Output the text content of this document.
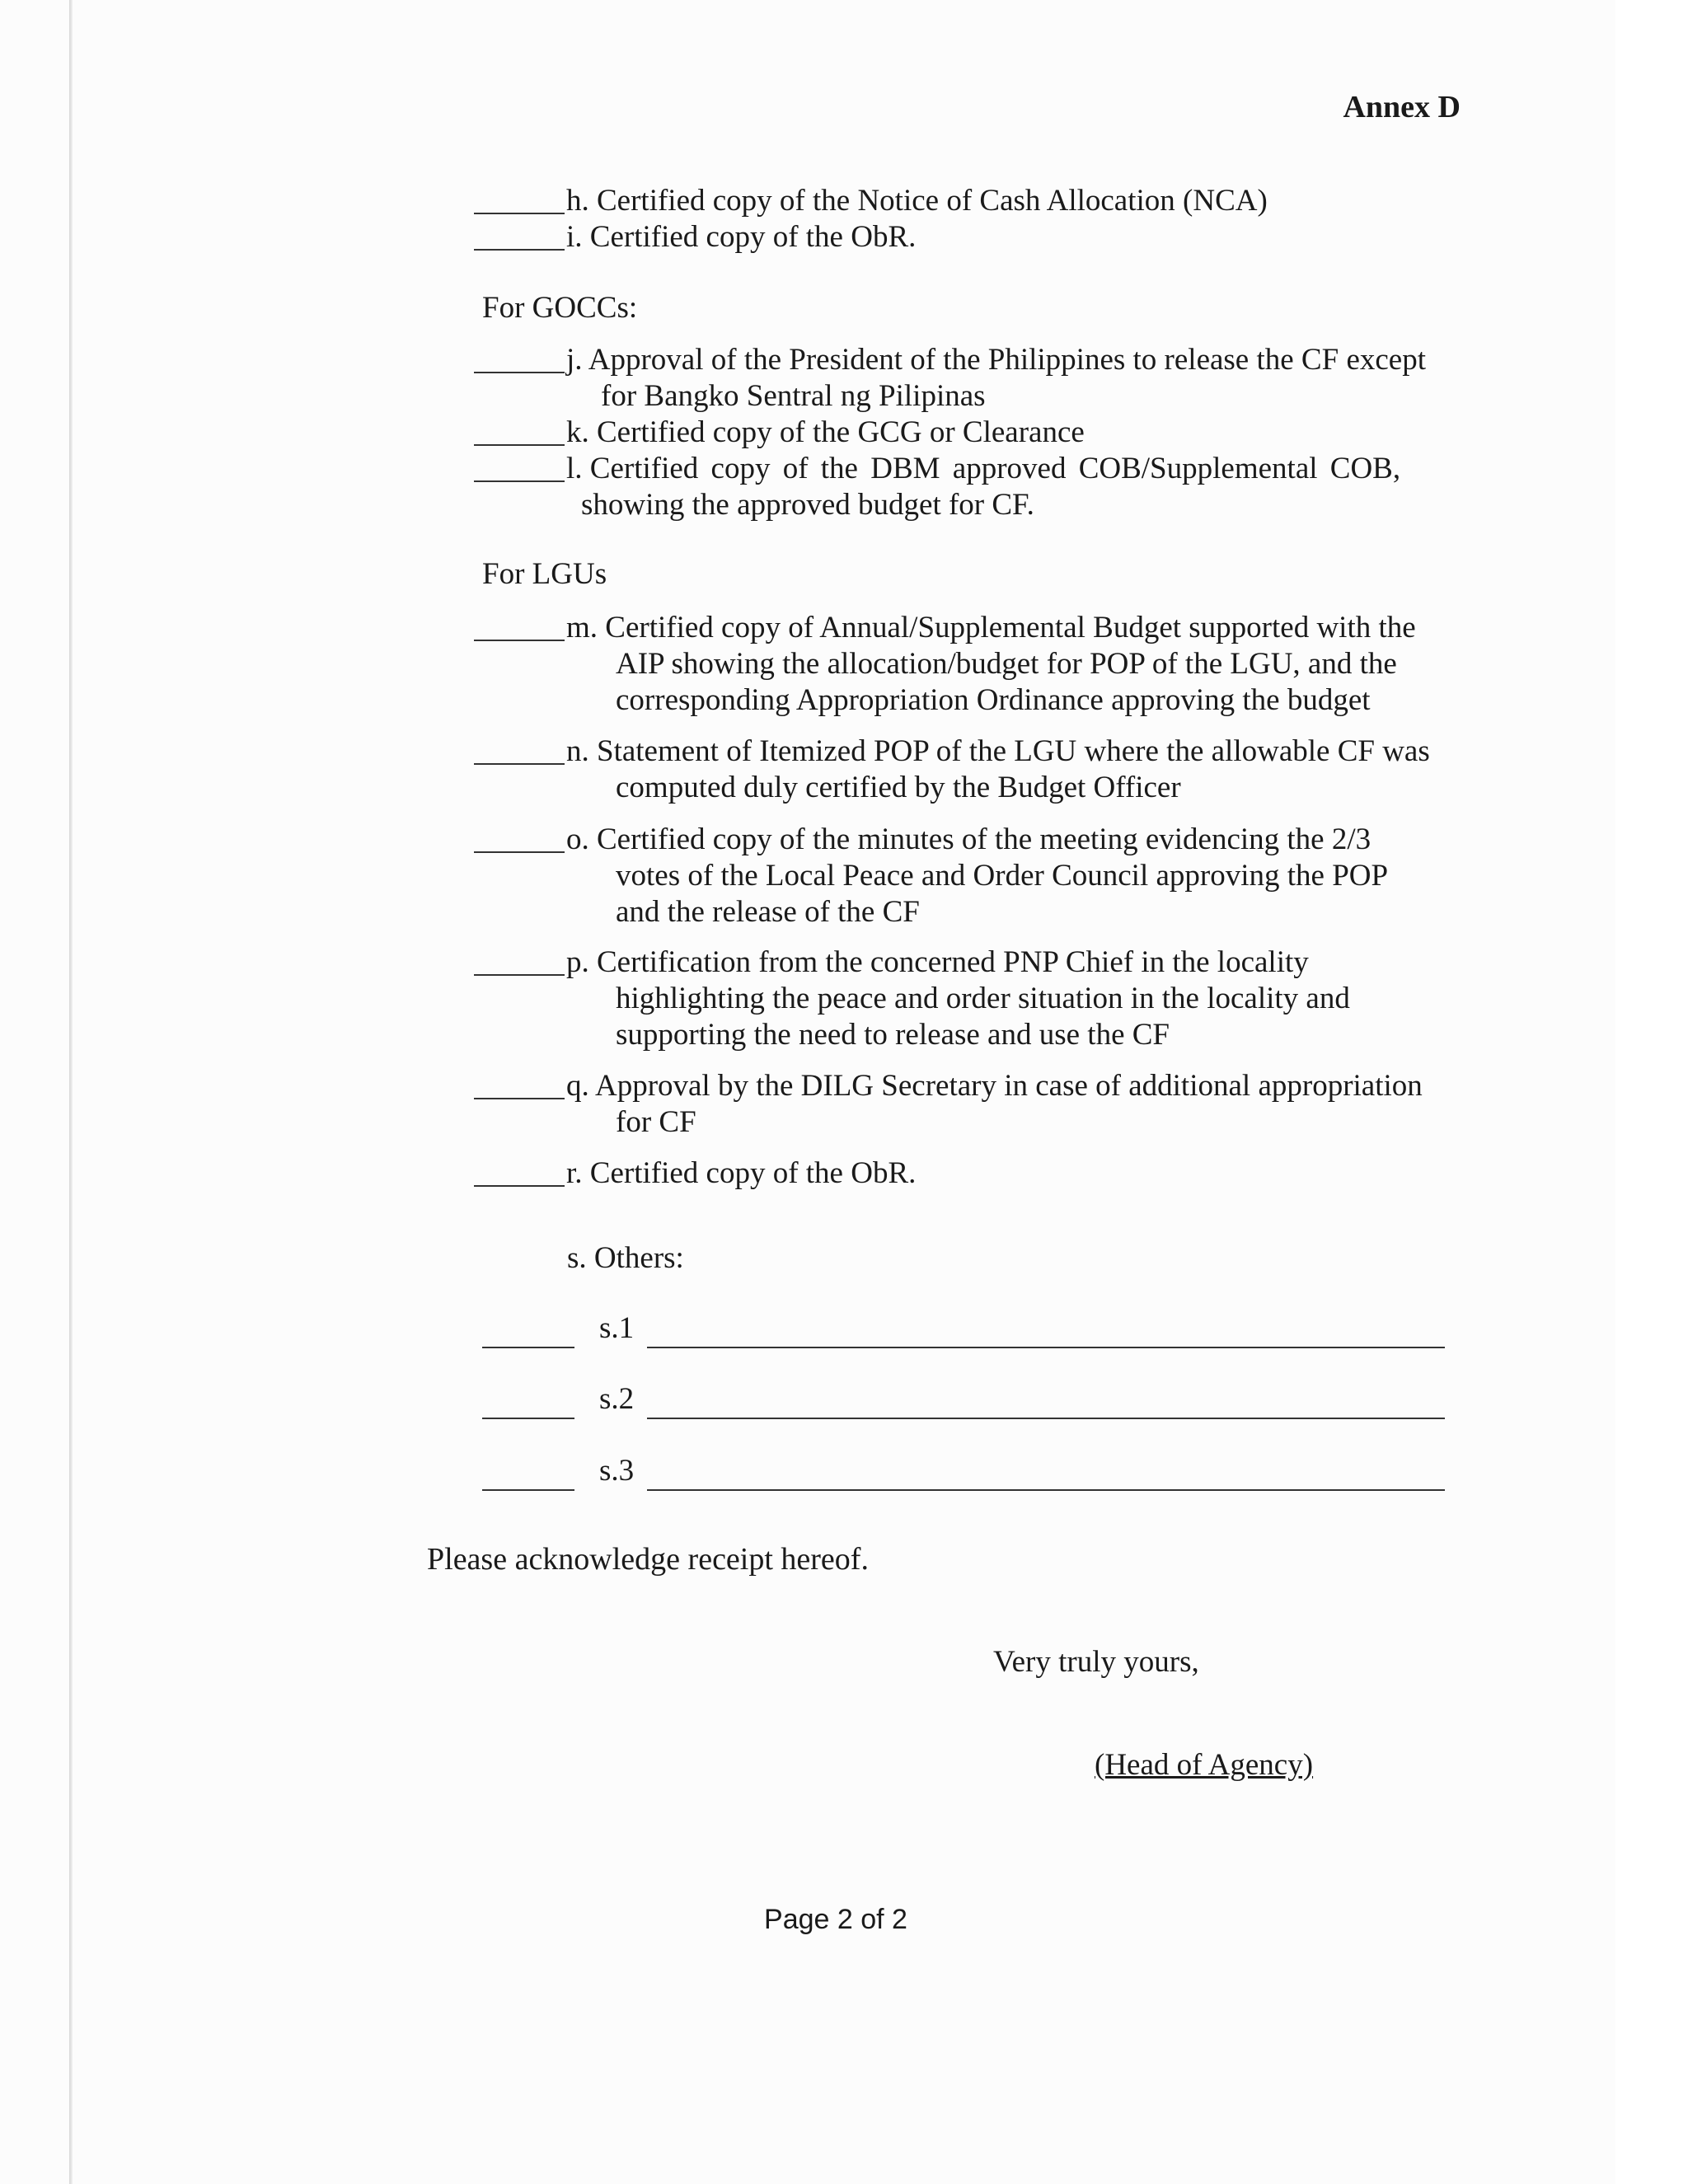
Annex D
h. Certified copy of the Notice of Cash Allocation (NCA)
i. Certified copy of the ObR.
For GOCCs:
j. Approval of the President of the Philippines to release the CF except
for Bangko Sentral ng Pilipinas
k. Certified copy of the GCG or Clearance
l. Certified copy of the DBM approved COB/Supplemental COB,
showing the approved budget for CF.
For LGUs
m. Certified copy of Annual/Supplemental Budget supported with the
AIP showing the allocation/budget for POP of the LGU, and the
corresponding Appropriation Ordinance approving the budget
n. Statement of Itemized POP of the LGU where the allowable CF was
computed duly certified by the Budget Officer
o. Certified copy of the minutes of the meeting evidencing the 2/3
votes of the Local Peace and Order Council approving the POP
and the release of the CF
p. Certification from the concerned PNP Chief in the locality
highlighting the peace and order situation in the locality and
supporting the need to release and use the CF
q. Approval by the DILG Secretary in case of additional appropriation
for CF
r. Certified copy of the ObR.
s. Others:
s.1
s.2
s.3
Please acknowledge receipt hereof.
Very truly yours,
(Head of Agency)
Page 2 of 2
